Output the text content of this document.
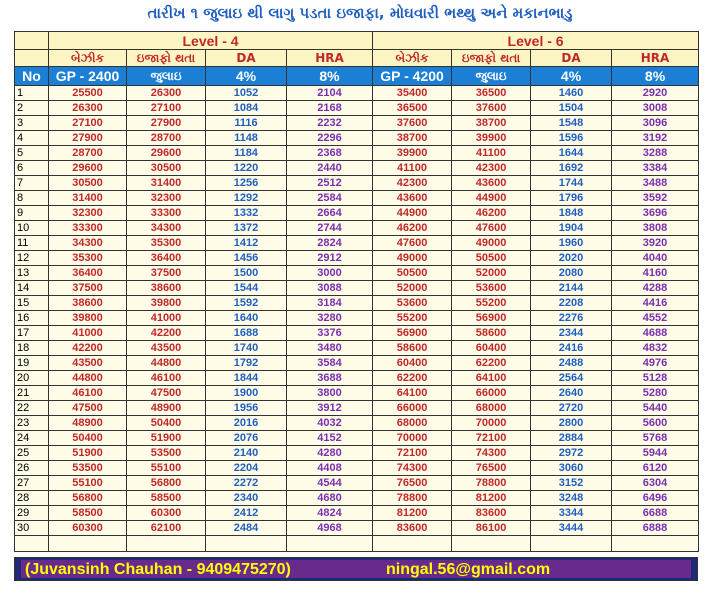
તારીખ ૧ જુલાઇ થી લાગુ પડતા ઇજાફા, મોઘવારી ભથ્થુ અને મકાનભાડુ
	Level - 4				Level - 6			
	બેઝીક	ઇજાફો થતા	DA	HRA	બેઝીક	ઇજાફો થતા	DA	HRA
No	GP - 2400	જુલાઇ	4%	8%	GP - 4200	જુલાઇ	4%	8%
1	25500	26300	1052	2104	35400	36500	1460	2920
2	26300	27100	1084	2168	36500	37600	1504	3008
3	27100	27900	1116	2232	37600	38700	1548	3096
4	27900	28700	1148	2296	38700	39900	1596	3192
5	28700	29600	1184	2368	39900	41100	1644	3288
6	29600	30500	1220	2440	41100	42300	1692	3384
7	30500	31400	1256	2512	42300	43600	1744	3488
8	31400	32300	1292	2584	43600	44900	1796	3592
9	32300	33300	1332	2664	44900	46200	1848	3696
10	33300	34300	1372	2744	46200	47600	1904	3808
11	34300	35300	1412	2824	47600	49000	1960	3920
12	35300	36400	1456	2912	49000	50500	2020	4040
13	36400	37500	1500	3000	50500	52000	2080	4160
14	37500	38600	1544	3088	52000	53600	2144	4288
15	38600	39800	1592	3184	53600	55200	2208	4416
16	39800	41000	1640	3280	55200	56900	2276	4552
17	41000	42200	1688	3376	56900	58600	2344	4688
18	42200	43500	1740	3480	58600	60400	2416	4832
19	43500	44800	1792	3584	60400	62200	2488	4976
20	44800	46100	1844	3688	62200	64100	2564	5128
21	46100	47500	1900	3800	64100	66000	2640	5280
22	47500	48900	1956	3912	66000	68000	2720	5440
23	48900	50400	2016	4032	68000	70000	2800	5600
24	50400	51900	2076	4152	70000	72100	2884	5768
25	51900	53500	2140	4280	72100	74300	2972	5944
26	53500	55100	2204	4408	74300	76500	3060	6120
27	55100	56800	2272	4544	76500	78800	3152	6304
28	56800	58500	2340	4680	78800	81200	3248	6496
29	58500	60300	2412	4824	81200	83600	3344	6688
30	60300	62100	2484	4968	83600	86100	3444	6888

(Juvansinh Chauhan - 9409475270)	ningal.56@gmail.com
